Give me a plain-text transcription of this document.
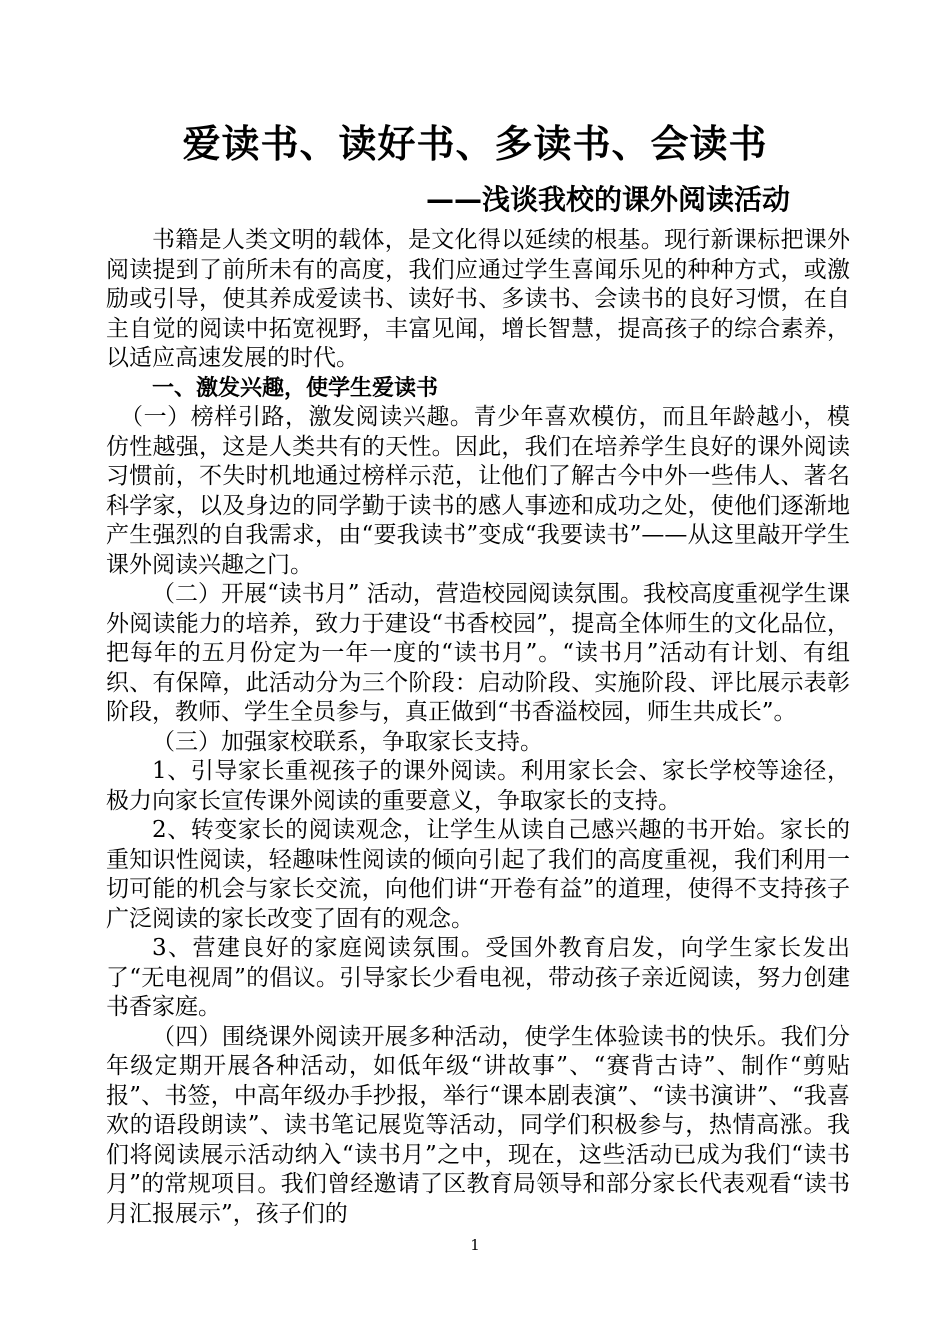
爱读书、读好书、多读书、会读书
——浅谈我校的课外阅读活动

书籍是人类文明的载体，是文化得以延续的根基。现行新课标把课外阅读提到了前所未有的高度，我们应通过学生喜闻乐见的种种方式，或激励或引导，使其养成爱读书、读好书、多读书、会读书的良好习惯，在自主自觉的阅读中拓宽视野，丰富见闻，增长智慧，提高孩子的综合素养，以适应高速发展的时代。

一、激发兴趣，使学生爱读书

（一）榜样引路，激发阅读兴趣。青少年喜欢模仿，而且年龄越小，模仿性越强，这是人类共有的天性。因此，我们在培养学生良好的课外阅读习惯前，不失时机地通过榜样示范，让他们了解古今中外一些伟人、著名科学家，以及身边的同学勤于读书的感人事迹和成功之处，使他们逐渐地产生强烈的自我需求，由“要我读书”变成“我要读书”——从这里敲开学生课外阅读兴趣之门。

（二）开展“读书月” 活动，营造校园阅读氛围。我校高度重视学生课外阅读能力的培养，致力于建设“书香校园”，提高全体师生的文化品位，把每年的五月份定为一年一度的“读书月”。“读书月”活动有计划、有组织、有保障，此活动分为三个阶段：启动阶段、实施阶段、评比展示表彰阶段，教师、学生全员参与，真正做到“书香溢校园，师生共成长”。

（三）加强家校联系，争取家长支持。

1、引导家长重视孩子的课外阅读。利用家长会、家长学校等途径，极力向家长宣传课外阅读的重要意义，争取家长的支持。

2、转变家长的阅读观念，让学生从读自己感兴趣的书开始。家长的重知识性阅读，轻趣味性阅读的倾向引起了我们的高度重视，我们利用一切可能的机会与家长交流，向他们讲“开卷有益”的道理，使得不支持孩子广泛阅读的家长改变了固有的观念。

3、营建良好的家庭阅读氛围。受国外教育启发，向学生家长发出了“无电视周”的倡议。引导家长少看电视，带动孩子亲近阅读，努力创建书香家庭。

（四）围绕课外阅读开展多种活动，使学生体验读书的快乐。我们分年级定期开展各种活动，如低年级“讲故事”、“赛背古诗”、制作“剪贴报”、书签，中高年级办手抄报，举行“课本剧表演”、“读书演讲”、“我喜欢的语段朗读”、读书笔记展览等活动，同学们积极参与，热情高涨。我们将阅读展示活动纳入“读书月”之中，现在，这些活动已成为我们“读书月”的常规项目。我们曾经邀请了区教育局领导和部分家长代表观看“读书月汇报展示”，孩子们的

1
